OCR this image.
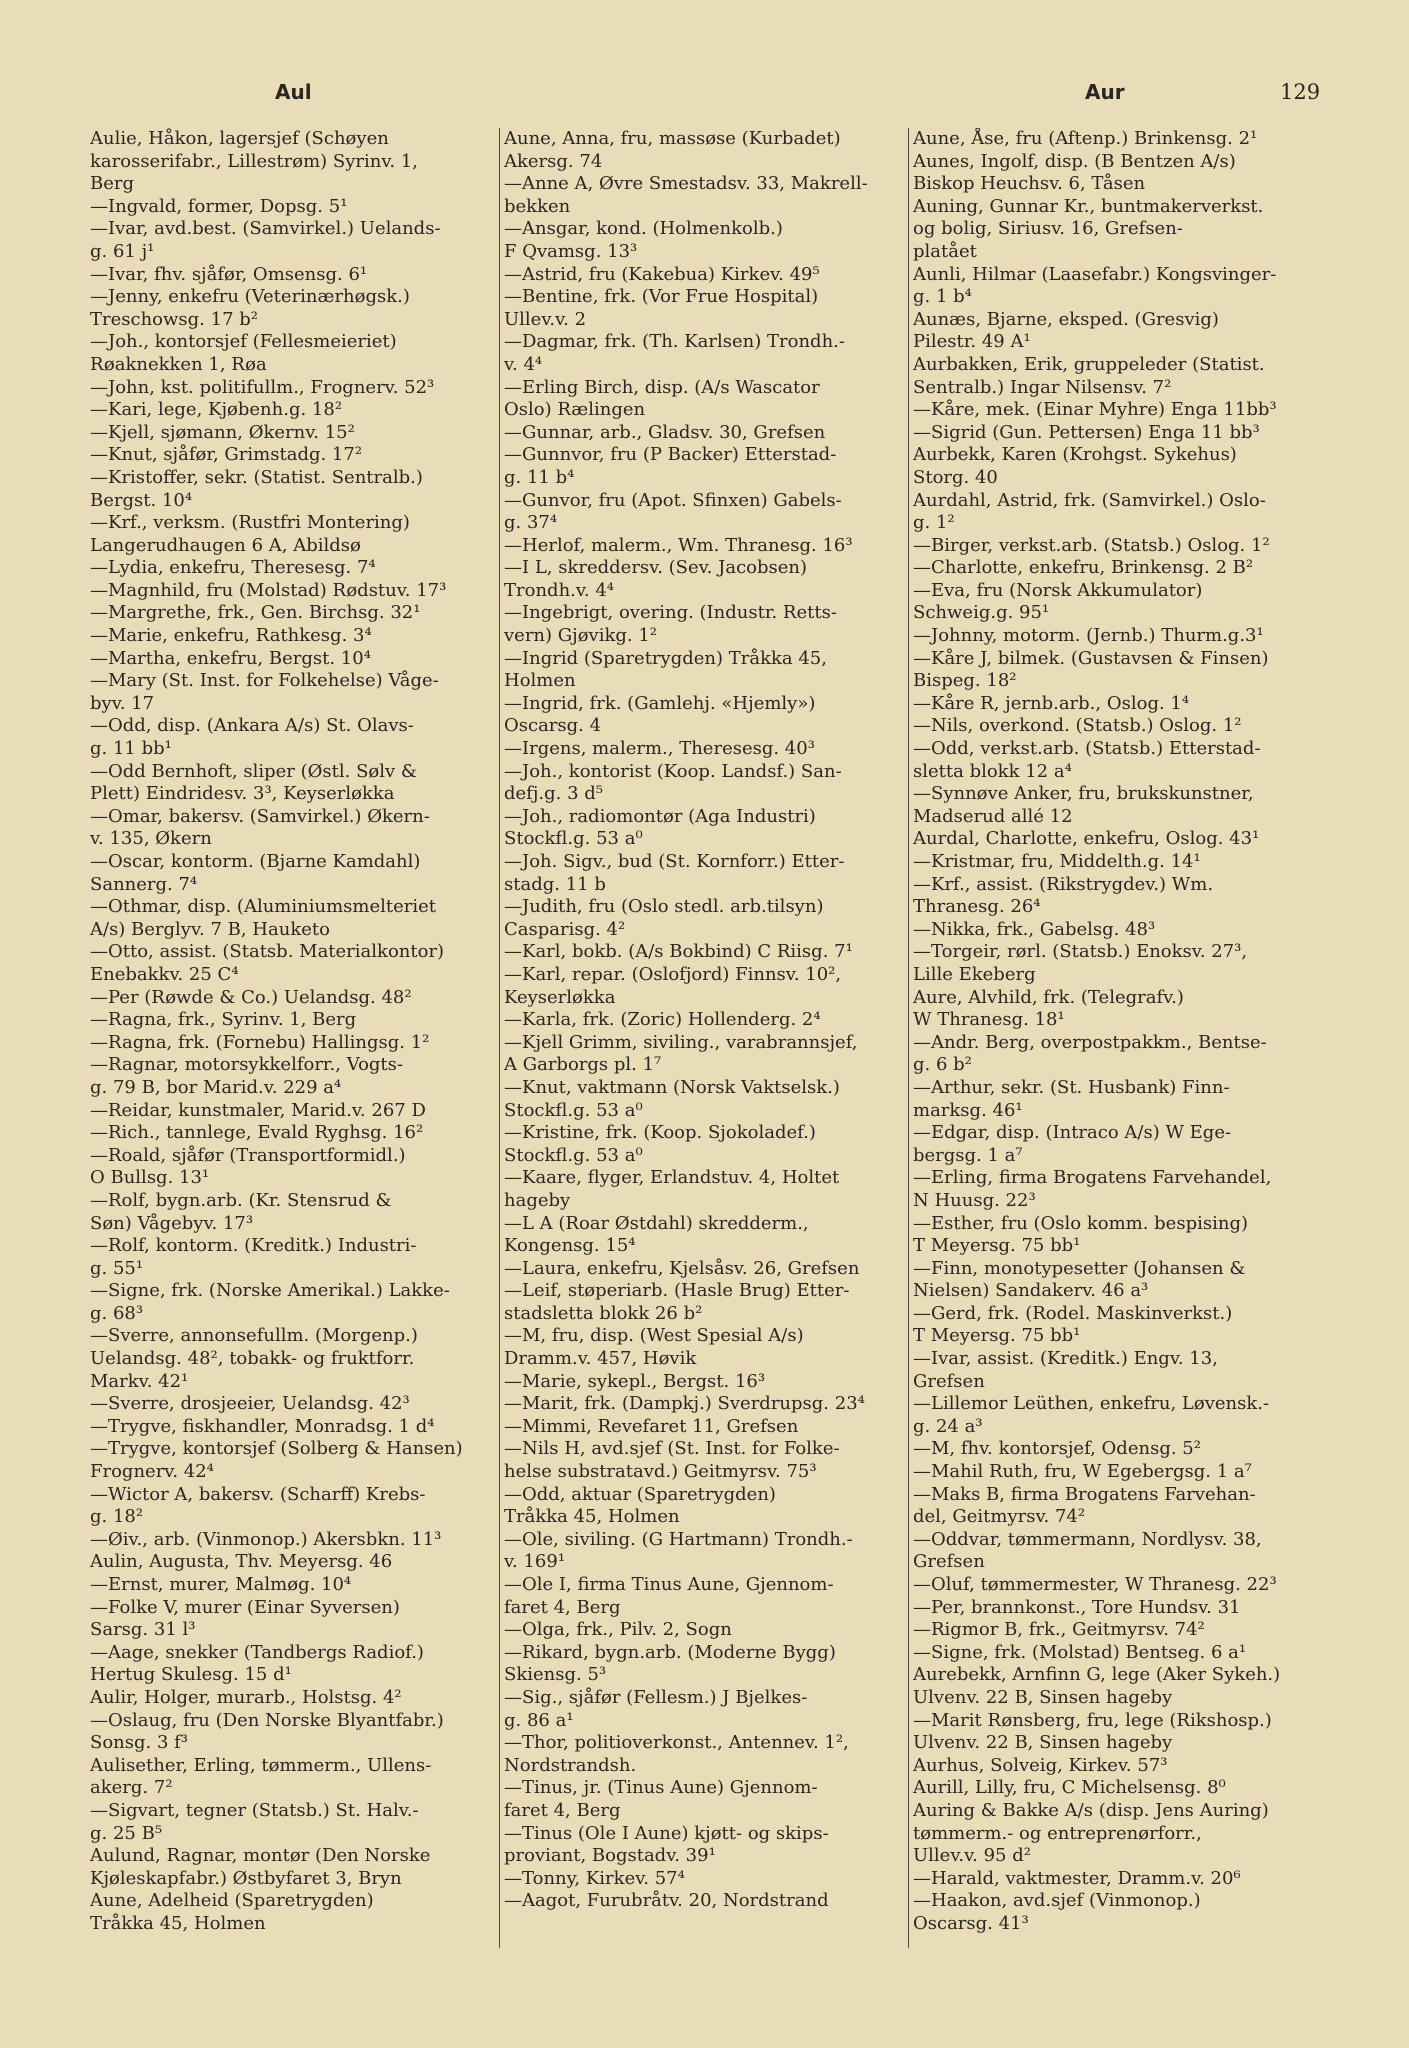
Aul	Aur	129
Aulie, Håkon, lagersjef (Schøyen
karosserifabr., Lillestrøm) Syrinv. 1,
Berg
—Ingvald, former, Dopsg. 5¹
—Ivar, avd.best. (Samvirkel.) Uelands-
g. 61 j¹
—Ivar, fhv. sjåfør, Omsensg. 6¹
—Jenny, enkefru (Veterinærhøgsk.)
Treschowsg. 17 b²
—Joh., kontorsjef (Fellesmeieriet)
Røaknekken 1, Røa
—John, kst. politifullm., Frognerv. 52³
—Kari, lege, Kjøbenh.g. 18²
—Kjell, sjømann, Økernv. 15²
—Knut, sjåfør, Grimstadg. 17²
—Kristoffer, sekr. (Statist. Sentralb.)
Bergst. 10⁴
—Krf., verksm. (Rustfri Montering)
Langerudhaugen 6 A, Abildsø
—Lydia, enkefru, Theresesg. 7⁴
—Magnhild, fru (Molstad) Rødstuv. 17³
—Margrethe, frk., Gen. Birchsg. 32¹
—Marie, enkefru, Rathkesg. 3⁴
—Martha, enkefru, Bergst. 10⁴
—Mary (St. Inst. for Folkehelse) Våge-
byv. 17
—Odd, disp. (Ankara A/s) St. Olavs-
g. 11 bb¹
—Odd Bernhoft, sliper (Østl. Sølv &
Plett) Eindridesv. 3³, Keyserløkka
—Omar, bakersv. (Samvirkel.) Økern-
v. 135, Økern
—Oscar, kontorm. (Bjarne Kamdahl)
Sannerg. 7⁴
—Othmar, disp. (Aluminiumsmelteriet
A/s) Berglyv. 7 B, Hauketo
—Otto, assist. (Statsb. Materialkontor)
Enebakkv. 25 C⁴
—Per (Røwde & Co.) Uelandsg. 48²
—Ragna, frk., Syrinv. 1, Berg
—Ragna, frk. (Fornebu) Hallingsg. 1²
—Ragnar, motorsykkelforr., Vogts-
g. 79 B, bor Marid.v. 229 a⁴
—Reidar, kunstmaler, Marid.v. 267 D
—Rich., tannlege, Evald Ryghsg. 16²
—Roald, sjåfør (Transportformidl.)
O Bullsg. 13¹
—Rolf, bygn.arb. (Kr. Stensrud &
Søn) Vågebyv. 17³
—Rolf, kontorm. (Kreditk.) Industri-
g. 55¹
—Signe, frk. (Norske Amerikal.) Lakke-
g. 68³
—Sverre, annonsefullm. (Morgenp.)
Uelandsg. 48², tobakk- og fruktforr.
Markv. 42¹
—Sverre, drosjeeier, Uelandsg. 42³
—Trygve, fiskhandler, Monradsg. 1 d⁴
—Trygve, kontorsjef (Solberg & Hansen)
Frognerv. 42⁴
—Wictor A, bakersv. (Scharff) Krebs-
g. 18²
—Øiv., arb. (Vinmonop.) Akersbkn. 11³
Aulin, Augusta, Thv. Meyersg. 46
—Ernst, murer, Malmøg. 10⁴
—Folke V, murer (Einar Syversen)
Sarsg. 31 l³
—Aage, snekker (Tandbergs Radiof.)
Hertug Skulesg. 15 d¹
Aulir, Holger, murarb., Holstsg. 4²
—Oslaug, fru (Den Norske Blyantfabr.)
Sonsg. 3 f³
Aulisether, Erling, tømmerm., Ullens-
akerg. 7²
—Sigvart, tegner (Statsb.) St. Halv.-
g. 25 B⁵
Aulund, Ragnar, montør (Den Norske
Kjøleskapfabr.) Østbyfaret 3, Bryn
Aune, Adelheid (Sparetrygden)
Tråkka 45, Holmen
Aune, Anna, fru, massøse (Kurbadet)
Akersg. 74
—Anne A, Øvre Smestadsv. 33, Makrell-
bekken
—Ansgar, kond. (Holmenkolb.)
F Qvamsg. 13³
—Astrid, fru (Kakebua) Kirkev. 49⁵
—Bentine, frk. (Vor Frue Hospital)
Ullev.v. 2
—Dagmar, frk. (Th. Karlsen) Trondh.-
v. 4⁴
—Erling Birch, disp. (A/s Wascator
Oslo) Rælingen
—Gunnar, arb., Gladsv. 30, Grefsen
—Gunnvor, fru (P Backer) Etterstad-
g. 11 b⁴
—Gunvor, fru (Apot. Sfinxen) Gabels-
g. 37⁴
—Herlof, malerm., Wm. Thranesg. 16³
—I L, skreddersv. (Sev. Jacobsen)
Trondh.v. 4⁴
—Ingebrigt, overing. (Industr. Retts-
vern) Gjøvikg. 1²
—Ingrid (Sparetrygden) Tråkka 45,
Holmen
—Ingrid, frk. (Gamlehj. «Hjemly»)
Oscarsg. 4
—Irgens, malerm., Theresesg. 40³
—Joh., kontorist (Koop. Landsf.) San-
defj.g. 3 d⁵
—Joh., radiomontør (Aga Industri)
Stockfl.g. 53 a⁰
—Joh. Sigv., bud (St. Kornforr.) Etter-
stadg. 11 b
—Judith, fru (Oslo stedl. arb.tilsyn)
Casparisg. 4²
—Karl, bokb. (A/s Bokbind) C Riisg. 7¹
—Karl, repar. (Oslofjord) Finnsv. 10²,
Keyserløkka
—Karla, frk. (Zoric) Hollenderg. 2⁴
—Kjell Grimm, siviling., varabrannsjef,
A Garborgs pl. 1⁷
—Knut, vaktmann (Norsk Vaktselsk.)
Stockfl.g. 53 a⁰
—Kristine, frk. (Koop. Sjokoladef.)
Stockfl.g. 53 a⁰
—Kaare, flyger, Erlandstuv. 4, Holtet
hageby
—L A (Roar Østdahl) skredderm.,
Kongensg. 15⁴
—Laura, enkefru, Kjelsåsv. 26, Grefsen
—Leif, støperiarb. (Hasle Brug) Etter-
stadsletta blokk 26 b²
—M, fru, disp. (West Spesial A/s)
Dramm.v. 457, Høvik
—Marie, sykepl., Bergst. 16³
—Marit, frk. (Dampkj.) Sverdrupsg. 23⁴
—Mimmi, Revefaret 11, Grefsen
—Nils H, avd.sjef (St. Inst. for Folke-
helse substratavd.) Geitmyrsv. 75³
—Odd, aktuar (Sparetrygden)
Tråkka 45, Holmen
—Ole, siviling. (G Hartmann) Trondh.-
v. 169¹
—Ole I, firma Tinus Aune, Gjennom-
faret 4, Berg
—Olga, frk., Pilv. 2, Sogn
—Rikard, bygn.arb. (Moderne Bygg)
Skiensg. 5³
—Sig., sjåfør (Fellesm.) J Bjelkes-
g. 86 a¹
—Thor, politioverkonst., Antennev. 1²,
Nordstrandsh.
—Tinus, jr. (Tinus Aune) Gjennom-
faret 4, Berg
—Tinus (Ole I Aune) kjøtt- og skips-
proviant, Bogstadv. 39¹
—Tonny, Kirkev. 57⁴
—Aagot, Furubråtv. 20, Nordstrand
Aune, Åse, fru (Aftenp.) Brinkensg. 2¹
Aunes, Ingolf, disp. (B Bentzen A/s)
Biskop Heuchsv. 6, Tåsen
Auning, Gunnar Kr., buntmakerverkst.
og bolig, Siriusv. 16, Grefsen-
platået
Aunli, Hilmar (Laasefabr.) Kongsvinger-
g. 1 b⁴
Aunæs, Bjarne, eksped. (Gresvig)
Pilestr. 49 A¹
Aurbakken, Erik, gruppeleder (Statist.
Sentralb.) Ingar Nilsensv. 7²
—Kåre, mek. (Einar Myhre) Enga 11bb³
—Sigrid (Gun. Pettersen) Enga 11 bb³
Aurbekk, Karen (Krohgst. Sykehus)
Storg. 40
Aurdahl, Astrid, frk. (Samvirkel.) Oslo-
g. 1²
—Birger, verkst.arb. (Statsb.) Oslog. 1²
—Charlotte, enkefru, Brinkensg. 2 B²
—Eva, fru (Norsk Akkumulator)
Schweig.g. 95¹
—Johnny, motorm. (Jernb.) Thurm.g.3¹
—Kåre J, bilmek. (Gustavsen & Finsen)
Bispeg. 18²
—Kåre R, jernb.arb., Oslog. 1⁴
—Nils, overkond. (Statsb.) Oslog. 1²
—Odd, verkst.arb. (Statsb.) Etterstad-
sletta blokk 12 a⁴
—Synnøve Anker, fru, brukskunstner,
Madserud allé 12
Aurdal, Charlotte, enkefru, Oslog. 43¹
—Kristmar, fru, Middelth.g. 14¹
—Krf., assist. (Rikstrygdev.) Wm.
Thranesg. 26⁴
—Nikka, frk., Gabelsg. 48³
—Torgeir, rørl. (Statsb.) Enoksv. 27³,
Lille Ekeberg
Aure, Alvhild, frk. (Telegrafv.)
W Thranesg. 18¹
—Andr. Berg, overpostpakkm., Bentse-
g. 6 b²
—Arthur, sekr. (St. Husbank) Finn-
marksg. 46¹
—Edgar, disp. (Intraco A/s) W Ege-
bergsg. 1 a⁷
—Erling, firma Brogatens Farvehandel,
N Huusg. 22³
—Esther, fru (Oslo komm. bespising)
T Meyersg. 75 bb¹
—Finn, monotypesetter (Johansen &
Nielsen) Sandakerv. 46 a³
—Gerd, frk. (Rodel. Maskinverkst.)
T Meyersg. 75 bb¹
—Ivar, assist. (Kreditk.) Engv. 13,
Grefsen
—Lillemor Leüthen, enkefru, Løvensk.-
g. 24 a³
—M, fhv. kontorsjef, Odensg. 5²
—Mahil Ruth, fru, W Egebergsg. 1 a⁷
—Maks B, firma Brogatens Farvehan-
del, Geitmyrsv. 74²
—Oddvar, tømmermann, Nordlysv. 38,
Grefsen
—Oluf, tømmermester, W Thranesg. 22³
—Per, brannkonst., Tore Hundsv. 31
—Rigmor B, frk., Geitmyrsv. 74²
—Signe, frk. (Molstad) Bentseg. 6 a¹
Aurebekk, Arnfinn G, lege (Aker Sykeh.)
Ulvenv. 22 B, Sinsen hageby
—Marit Rønsberg, fru, lege (Rikshosp.)
Ulvenv. 22 B, Sinsen hageby
Aurhus, Solveig, Kirkev. 57³
Aurill, Lilly, fru, C Michelsensg. 8⁰
Auring & Bakke A/s (disp. Jens Auring)
tømmerm.- og entreprenørforr.,
Ullev.v. 95 d²
—Harald, vaktmester, Dramm.v. 20⁶
—Haakon, avd.sjef (Vinmonop.)
Oscarsg. 41³
